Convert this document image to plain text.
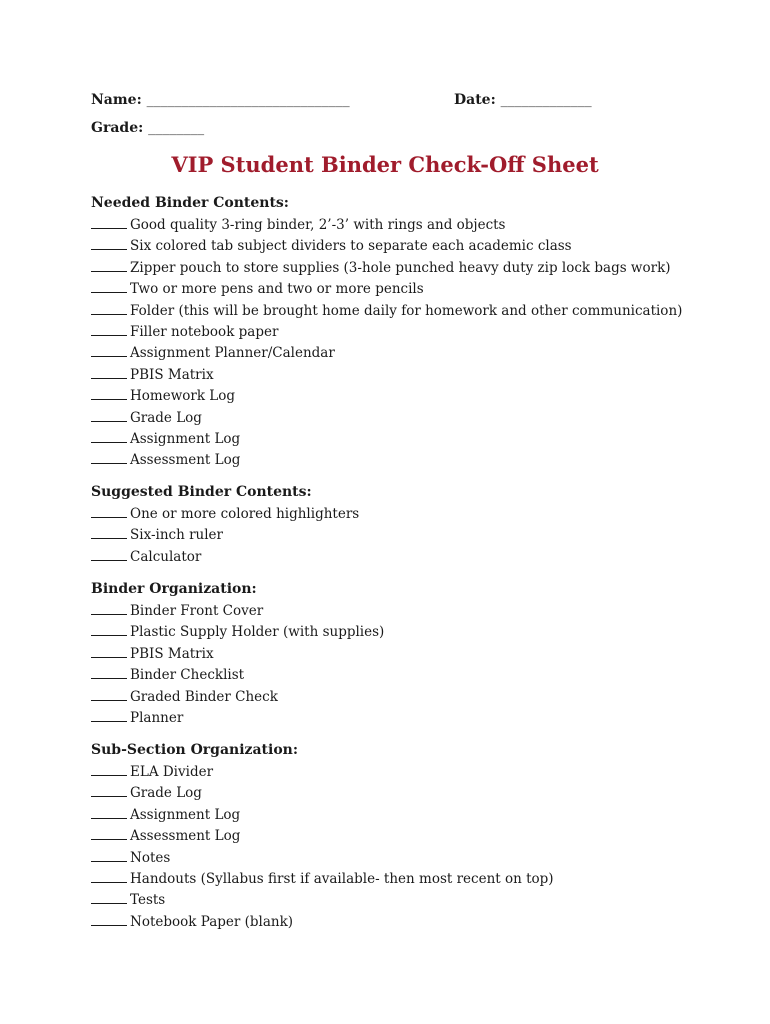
Name: _____________________________	Date: _____________
Grade: ________
VIP Student Binder Check-Off Sheet
Needed Binder Contents:
Good quality 3-ring binder, 2’-3’ with rings and objects
Six colored tab subject dividers to separate each academic class
Zipper pouch to store supplies (3-hole punched heavy duty zip lock bags work)
Two or more pens and two or more pencils
Folder (this will be brought home daily for homework and other communication)
Filler notebook paper
Assignment Planner/Calendar
PBIS Matrix
Homework Log
Grade Log
Assignment Log
Assessment Log
Suggested Binder Contents:
One or more colored highlighters
Six-inch ruler
Calculator
Binder Organization:
Binder Front Cover
Plastic Supply Holder (with supplies)
PBIS Matrix
Binder Checklist
Graded Binder Check
Planner
Sub-Section Organization:
ELA Divider
Grade Log
Assignment Log
Assessment Log
Notes
Handouts (Syllabus first if available- then most recent on top)
Tests
Notebook Paper (blank)
